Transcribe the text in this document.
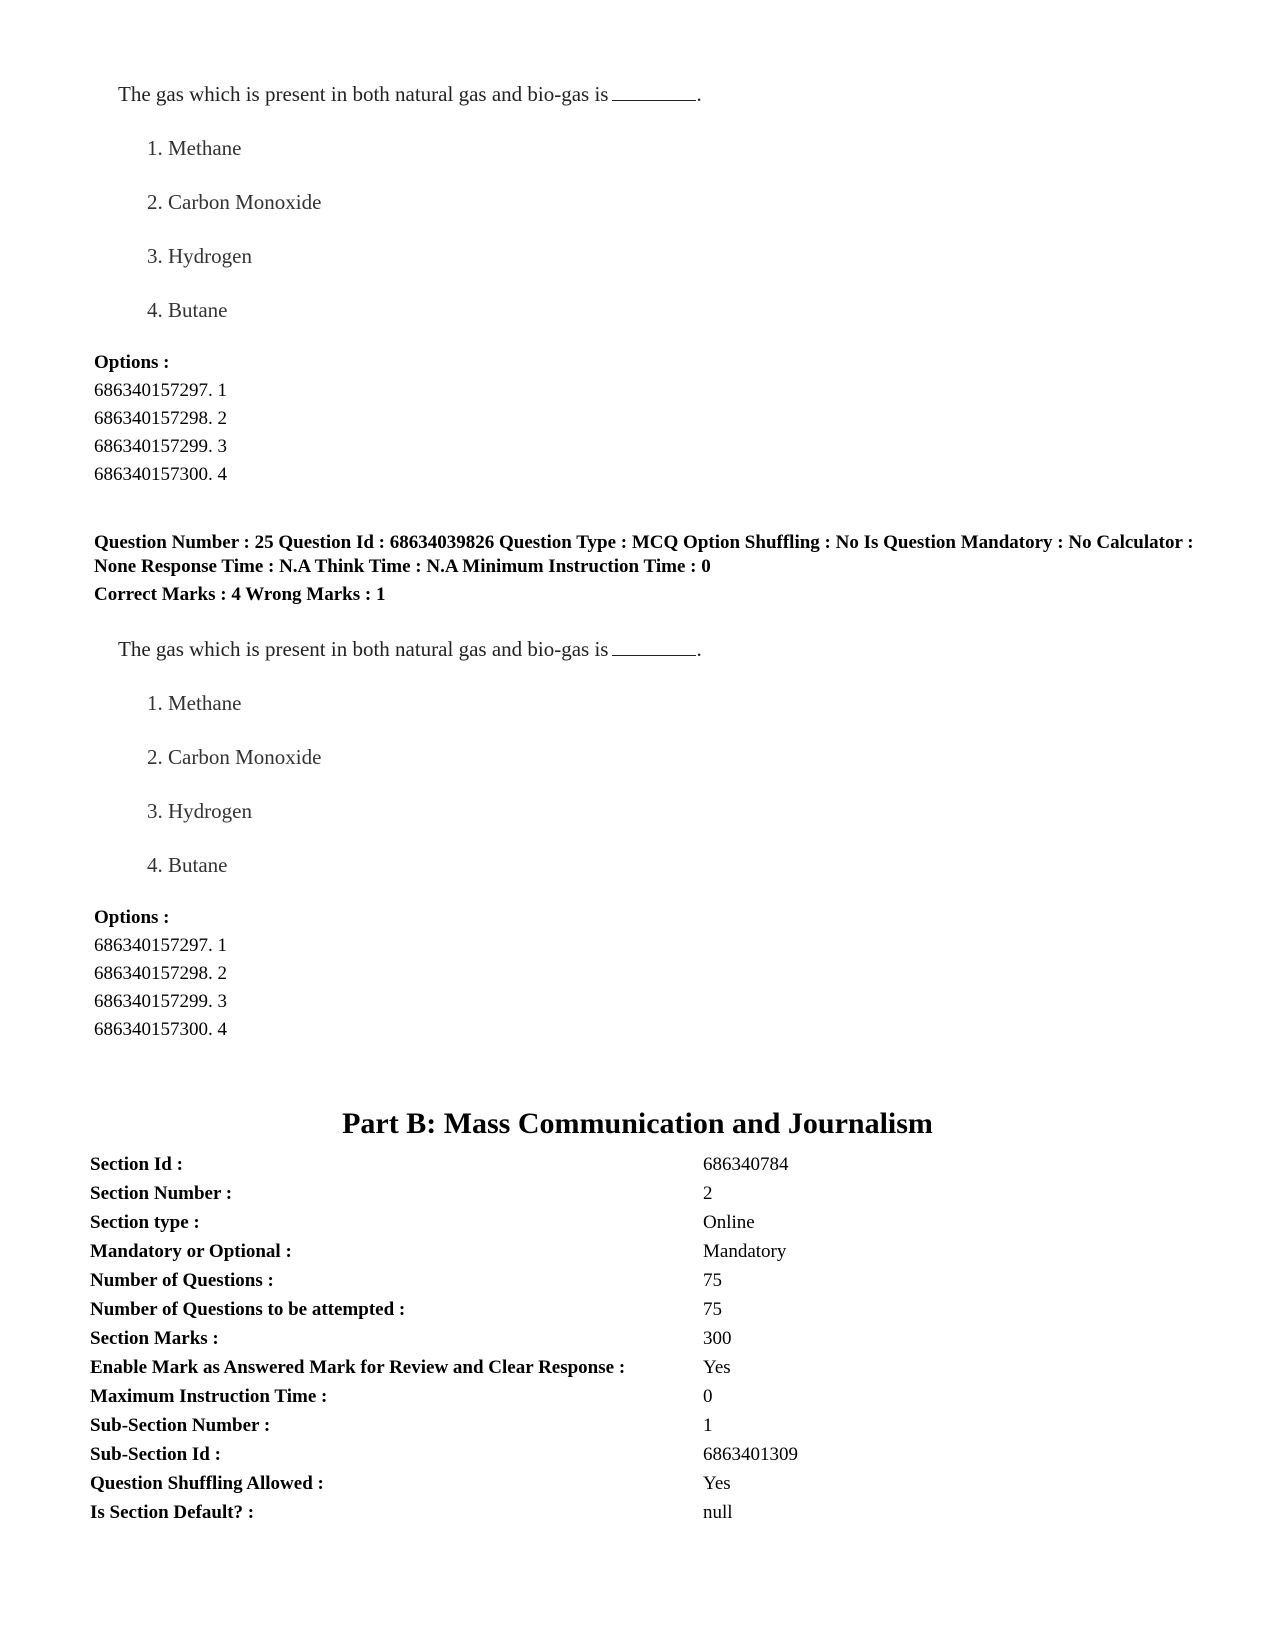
The gas which is present in both natural gas and bio-gas is	.
1. Methane
2. Carbon Monoxide
3. Hydrogen
4. Butane
Options :
686340157297. 1
686340157298. 2
686340157299. 3
686340157300. 4
Question Number : 25 Question Id : 68634039826 Question Type : MCQ Option Shuffling : No Is Question Mandatory : No Calculator : None Response Time : N.A Think Time : N.A Minimum Instruction Time : 0
Correct Marks : 4 Wrong Marks : 1
The gas which is present in both natural gas and bio-gas is	.
1. Methane
2. Carbon Monoxide
3. Hydrogen
4. Butane
Options :
686340157297. 1
686340157298. 2
686340157299. 3
686340157300. 4
Part B: Mass Communication and Journalism
Section Id :	686340784
Section Number :	2
Section type :	Online
Mandatory or Optional :	Mandatory
Number of Questions :	75
Number of Questions to be attempted :	75
Section Marks :	300
Enable Mark as Answered Mark for Review and Clear Response :	Yes
Maximum Instruction Time :	0
Sub-Section Number :	1
Sub-Section Id :	6863401309
Question Shuffling Allowed :	Yes
Is Section Default? :	null
